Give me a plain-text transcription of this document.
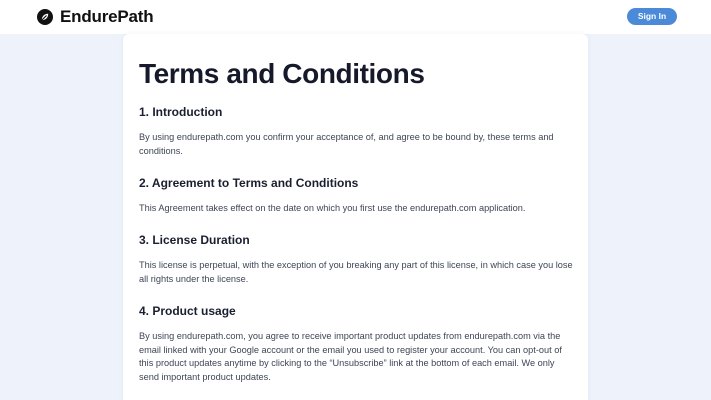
EndurePath	Sign In
Terms and Conditions
1. Introduction

By using endurepath.com you confirm your acceptance of, and agree to be bound by, these terms and conditions.

2. Agreement to Terms and Conditions

This Agreement takes effect on the date on which you first use the endurepath.com application.

3. License Duration

This license is perpetual, with the exception of you breaking any part of this license, in which case you lose all rights under the license.

4. Product usage

By using endurepath.com, you agree to receive important product updates from endurepath.com via the email linked with your Google account or the email you used to register your account. You can opt-out of this product updates anytime by clicking to the “Unsubscribe” link at the bottom of each email. We only send important product updates.
